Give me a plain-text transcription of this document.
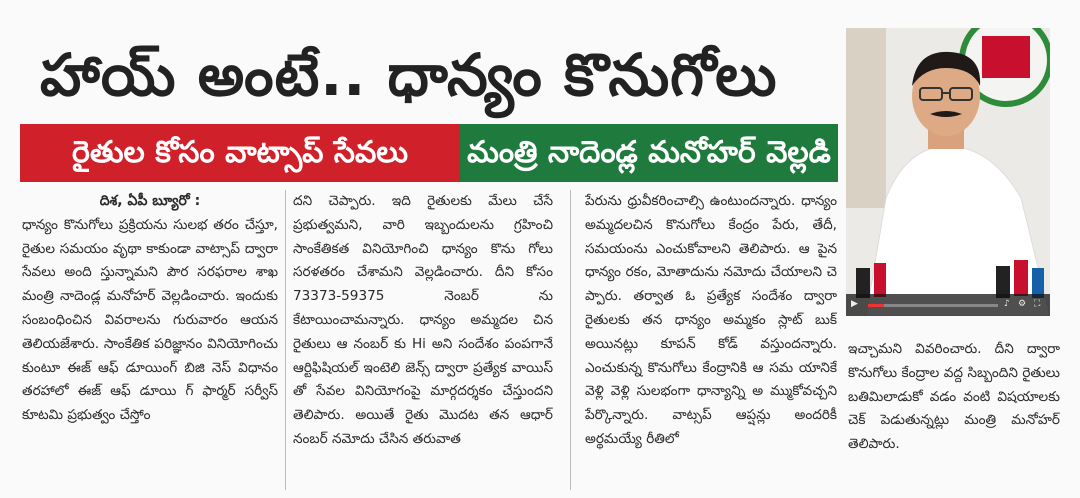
హాయ్ అంటే.. ధాన్యం కొనుగోలు
రైతుల కోసం వాట్సాప్ సేవలు	మంత్రి నాదెండ్ల మనోహర్ వెల్లడి
▶	♪ ⚙ ⛶

దిశ, ఏపీ బ్యూరో :

ధాన్యం కొనుగోలు ప్రక్రియను సులభ తరం చేస్తూ, రైతుల సమయం వృథా కాకుండా వాట్సాప్ ద్వారా సేవలు అంది స్తున్నామని పౌర సరఫరాల శాఖ మంత్రి నాదెండ్ల మనోహర్ వెల్లడించారు. ఇందుకు సంబంధించిన వివరాలను గురువారం ఆయన తెలియజేశారు. సాంకేతిక పరిజ్ఞానం వినియోగించు కుంటూ ఈజ్ ఆఫ్ డూయింగ్ బిజి నెస్ విధానం తరహాలో ఈజ్ ఆఫ్ డూయి గ్ ఫార్మర్ సర్వీస్ కూటమి ప్రభుత్వం చేస్తోం

దని చెప్పారు. ఇది రైతులకు మేలు చేసే ప్రభుత్వమని, వారి ఇబ్బందులను గ్రహించి సాంకేతికత వినియోగించి ధాన్యం కొను గోలు సరళతరం చేశామని వెల్లడించారు. దీని కోసం 73373-59375 నెంబర్ ను కేటాయించామన్నారు. ధాన్యం అమ్మదల చిన రైతులు ఆ నంబర్ కు Hi అని సందేశం పంపగానే ఆర్టిఫిషియల్ ఇంటెలి జెన్స్ ద్వారా ప్రత్యేక వాయిస్ తో సేవల వినియోగంపై మార్గదర్శకం చేస్తుందని తెలిపారు. అయితే రైతు మొదట తన ఆధార్ నంబర్ నమోదు చేసిన తరువాత

పేరును ధ్రువీకరించాల్సి ఉంటుందన్నారు. ధాన్యం అమ్మదలచిన కొనుగోలు కేంద్రం పేరు, తేదీ, సమయంను ఎంచుకోవాలని తెలిపారు. ఆ పైన ధాన్యం రకం, మోతాదును నమోదు చేయాలని చె ప్పారు. తర్వాత ఓ ప్రత్యేక సందేశం ద్వారా రైతులకు తన ధాన్యం అమ్మకం స్లాట్ బుక్ అయినట్లు కూపన్ కోడ్ వస్తుందన్నారు. ఎంచుకున్న కొనుగోలు కేంద్రానికి ఆ సమ యానికే వెళ్లి వెళ్లి సులభంగా ధాన్యాన్ని అ మ్ముకోవచ్చని పేర్కొన్నారు. వాట్సప్ ఆప్షన్లు అందరికీ అర్థమయ్యే రీతిలో

ఇచ్చామని వివరించారు. దీని ద్వారా కొనుగోలు కేంద్రాల వద్ద సిబ్బందిని రైతులు బతిమిలాడుకో వడం వంటి విషయాలకు చెక్ పెడుతున్నట్లు మంత్రి మనోహర్ తెలిపారు.
